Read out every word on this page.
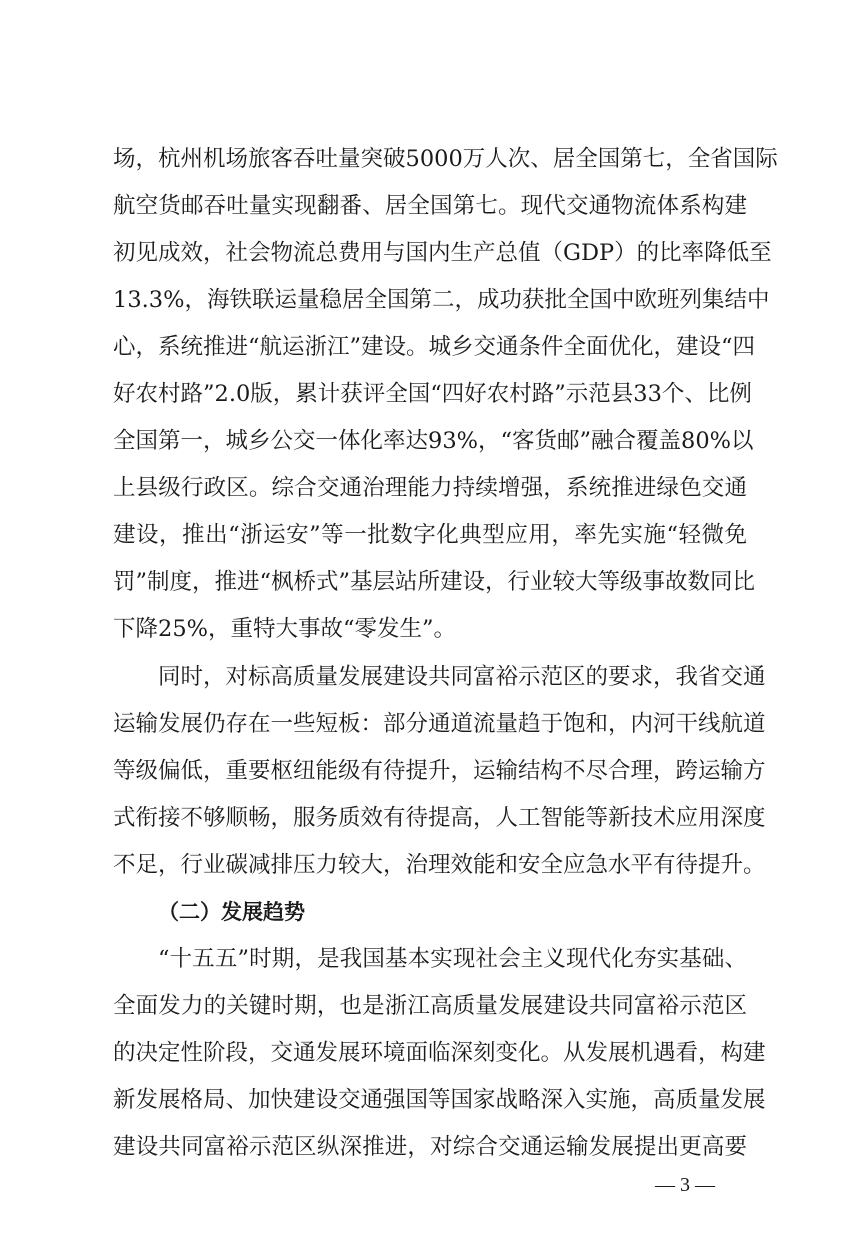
场，杭州机场旅客吞吐量突破5000万人次、居全国第七，全省国际
航空货邮吞吐量实现翻番、居全国第七。现代交通物流体系构建
初见成效，社会物流总费用与国内生产总值（GDP）的比率降低至
13.3%，海铁联运量稳居全国第二，成功获批全国中欧班列集结中
心，系统推进“航运浙江”建设。城乡交通条件全面优化，建设“四
好农村路”2.0版，累计获评全国“四好农村路”示范县33个、比例
全国第一，城乡公交一体化率达93%，“客货邮”融合覆盖80%以
上县级行政区。综合交通治理能力持续增强，系统推进绿色交通
建设，推出“浙运安”等一批数字化典型应用，率先实施“轻微免
罚”制度，推进“枫桥式”基层站所建设，行业较大等级事故数同比
下降25%，重特大事故“零发生”。
同时，对标高质量发展建设共同富裕示范区的要求，我省交通
运输发展仍存在一些短板：部分通道流量趋于饱和，内河干线航道
等级偏低，重要枢纽能级有待提升，运输结构不尽合理，跨运输方
式衔接不够顺畅，服务质效有待提高，人工智能等新技术应用深度
不足，行业碳减排压力较大，治理效能和安全应急水平有待提升。
（二）发展趋势
“十五五”时期，是我国基本实现社会主义现代化夯实基础、
全面发力的关键时期，也是浙江高质量发展建设共同富裕示范区
的决定性阶段，交通发展环境面临深刻变化。从发展机遇看，构建
新发展格局、加快建设交通强国等国家战略深入实施，高质量发展
建设共同富裕示范区纵深推进，对综合交通运输发展提出更高要
— 3 —
